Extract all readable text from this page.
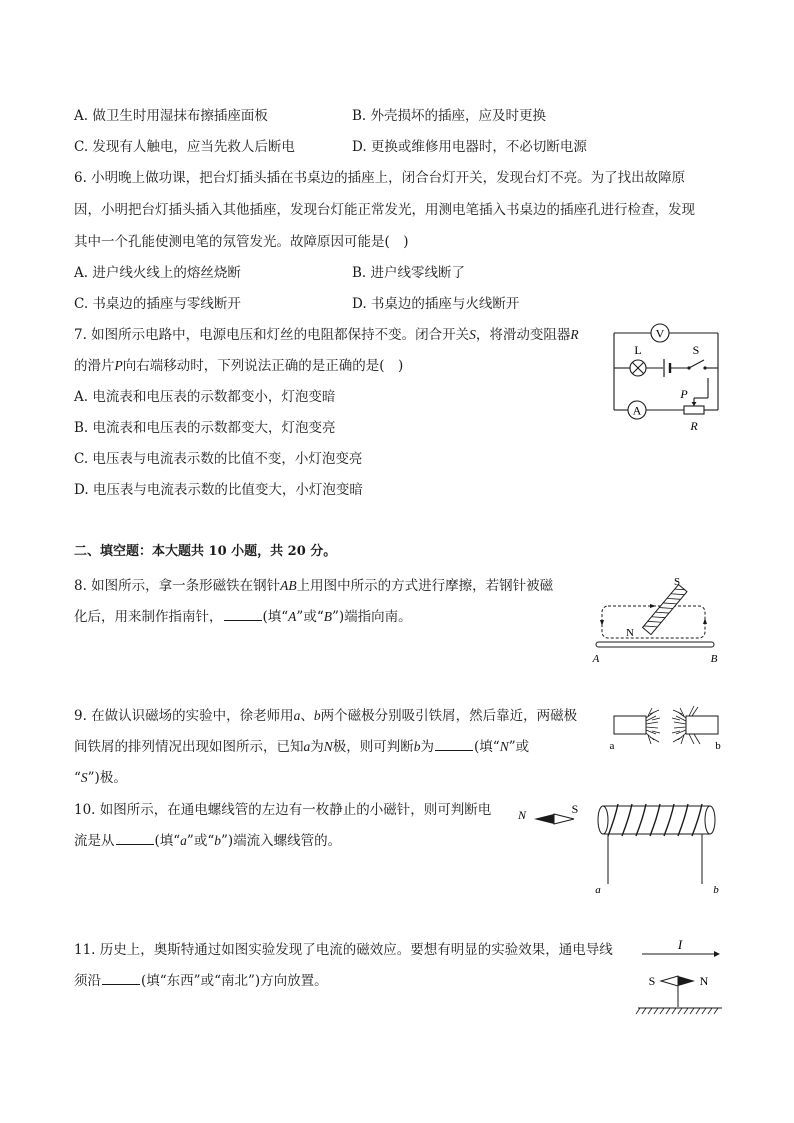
A. 做卫生时用湿抹布擦插座面板	B. 外壳损坏的插座，应及时更换
C. 发现有人触电，应当先救人后断电	D. 更换或维修用电器时，不必切断电源
6. 小明晚上做功课，把台灯插头插在书桌边的插座上，闭合台灯开关，发现台灯不亮。为了找出故障原
因，小明把台灯插头插入其他插座，发现台灯能正常发光，用测电笔插入书桌边的插座孔进行检查，发现
其中一个孔能使测电笔的氖管发光。故障原因可能是(　)
A. 进户线火线上的熔丝烧断	B. 进户线零线断了
C. 书桌边的插座与零线断开	D. 书桌边的插座与火线断开
7. 如图所示电路中，电源电压和灯丝的电阻都保持不变。闭合开关S，将滑动变阻器R
的滑片P向右端移动时，下列说法正确的是正确的是(　)
A. 电流表和电压表的示数都变小，灯泡变暗
B. 电流表和电压表的示数都变大，灯泡变亮
C. 电压表与电流表示数的比值不变，小灯泡变亮
D. 电压表与电流表示数的比值变大，小灯泡变暗
V
L	S
A
P
R
二、填空题：本大题共 10 小题，共 20 分。
8. 如图所示，拿一条形磁铁在钢针AB上用图中所示的方式进行摩擦，若钢针被磁
化后，用来制作指南针，	(填“A”或“B”)端指向南。
S
N
A	B
9. 在做认识磁场的实验中，徐老师用a、b两个磁极分别吸引铁屑，然后靠近，两磁极
间铁屑的排列情况出现如图所示，已知a为N极，则可判断b为	(填“N”或
“S”)极。
a	b
10. 如图所示，在通电螺线管的左边有一枚静止的小磁针，则可判断电
流是从	(填“a”或“b”)端流入螺线管的。
N	S
a	b
11. 历史上，奥斯特通过如图实验发现了电流的磁效应。要想有明显的实验效果，通电导线
须沿	(填“东西”或“南北”)方向放置。
I
S	N
